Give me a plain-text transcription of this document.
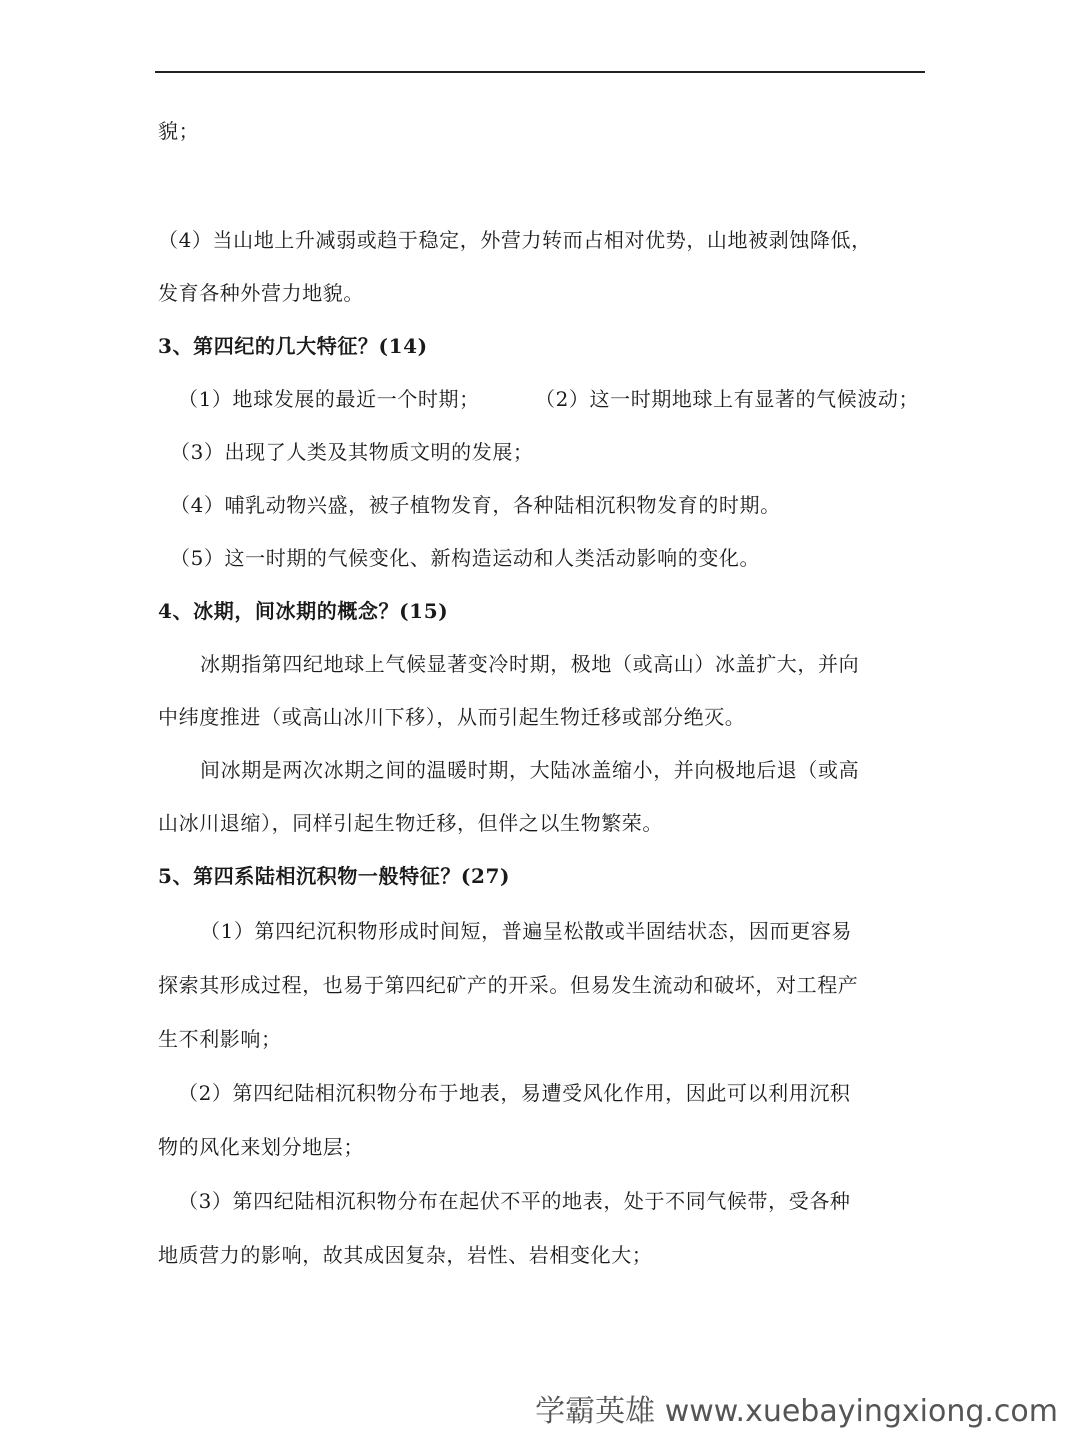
貌；
（4）当山地上升减弱或趋于稳定，外营力转而占相对优势，山地被剥蚀降低，
发育各种外营力地貌。
3、第四纪的几大特征？(14)
（1）地球发展的最近一个时期；	（2）这一时期地球上有显著的气候波动；
（3）出现了人类及其物质文明的发展；
（4）哺乳动物兴盛，被子植物发育，各种陆相沉积物发育的时期。
（5）这一时期的气候变化、新构造运动和人类活动影响的变化。
4、冰期，间冰期的概念？(15)
冰期指第四纪地球上气候显著变冷时期，极地（或高山）冰盖扩大，并向
中纬度推进（或高山冰川下移），从而引起生物迁移或部分绝灭。
间冰期是两次冰期之间的温暖时期，大陆冰盖缩小，并向极地后退（或高
山冰川退缩），同样引起生物迁移，但伴之以生物繁荣。
5、第四系陆相沉积物一般特征？(27)
（1）第四纪沉积物形成时间短，普遍呈松散或半固结状态，因而更容易
探索其形成过程，也易于第四纪矿产的开采。但易发生流动和破坏，对工程产
生不利影响；
（2）第四纪陆相沉积物分布于地表，易遭受风化作用，因此可以利用沉积
物的风化来划分地层；
（3）第四纪陆相沉积物分布在起伏不平的地表，处于不同气候带，受各种
地质营力的影响，故其成因复杂，岩性、岩相变化大；
学霸英雄 www.xuebayingxiong.com
